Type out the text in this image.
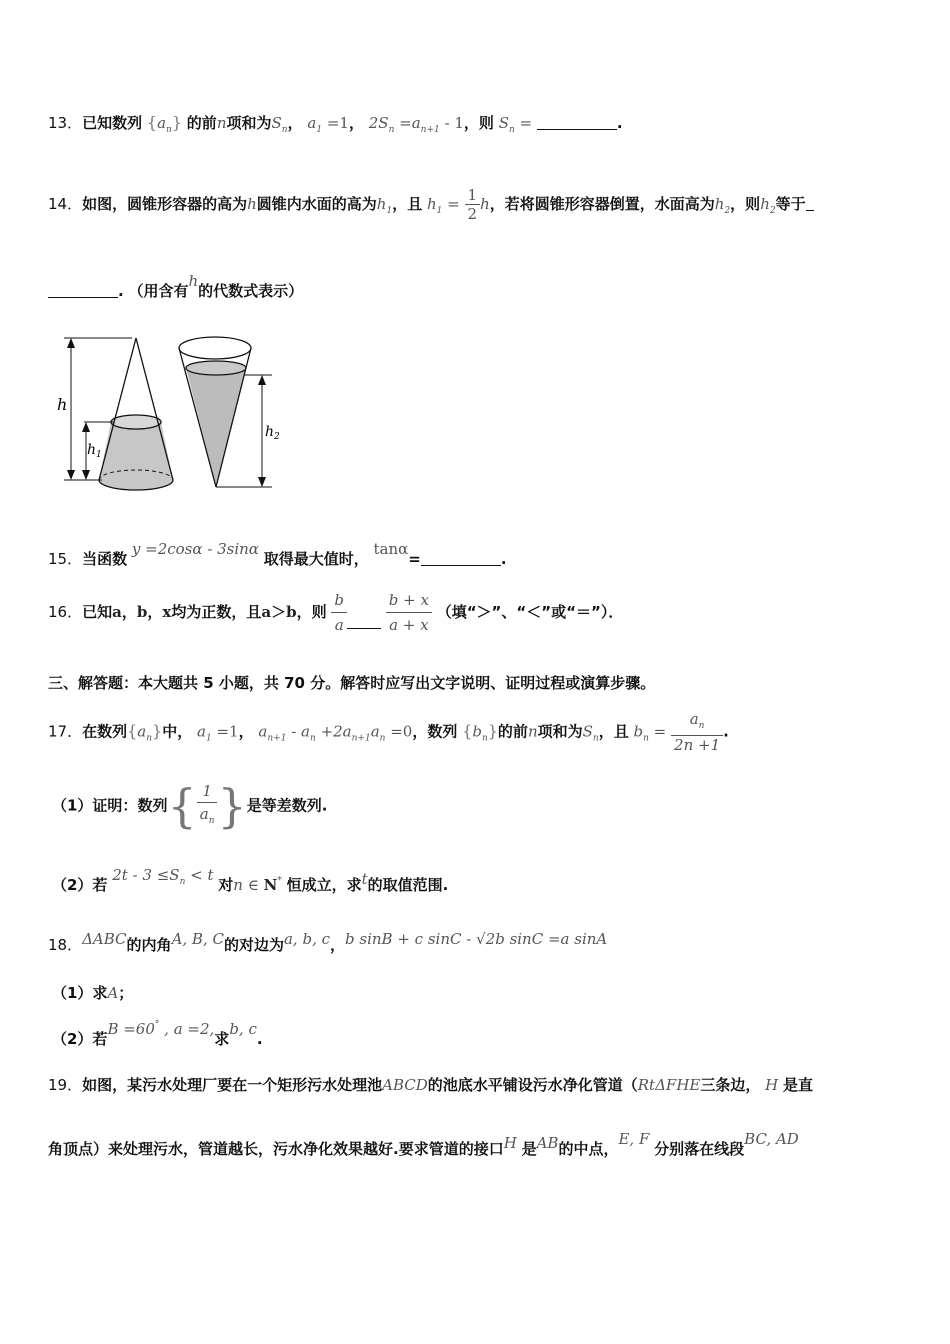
13．已知数列 $\{a_n\}$ 的前n项和为$S_n$， $a_1 =1$， $2S_n =a_{n+1} - 1$，则 $S_n$ =	.
14．如图，圆锥形容器的高为h圆锥内水面的高为$h_1$，且 $h_1 = \frac{1}{2}$ h，若将圆锥形容器倒置，水面高为$h_2$，则$h_2$等于
. （用含有h的代数式表示）
h
$h_1$
$h_2$
15．当函数 y =2cosα - 3sinα 取得最大值时， tanα=	.
16．已知a，b，x均为正数，且a＞b，则 $\frac{b}{a}$
	$\frac{b + x}{a + x}$ （填“＞”、“＜”或“＝”）．
三、解答题：本大题共 5 小题，共 70 分。解答时应写出文字说明、证明过程或演算步骤。
17．在数列$\{a_n\}$中， $a_1 =1$， $a_{n+1} - a_n +2a_{n+1}a_n =0$，数列 $\{b_n\}$的前n项和为$S_n$，且 $b_n = \frac{a_n}{2n +1}$ .
（1）证明：数列{ $\frac{1}{a_n}$ }是等差数列.
（2）若 $2t - 3 \le S_n < t$ 对n ∈ N* 恒成立，求t的取值范围.
18．ΔABC的内角A, B, C的对边为a, b, c，b sinB + c sinC - √2b sinC =a sinA
（1）求A；
（2）若B =60° , a =2,求b, c.
19．如图，某污水处理厂要在一个矩形污水处理池ABCD的池底水平铺设污水净化管道（RtΔFHE三条边， H 是直
角顶点）来处理污水，管道越长，污水净化效果越好.要求管道的接口H 是AB的中点，E, F 分别落在线段BC, AD
